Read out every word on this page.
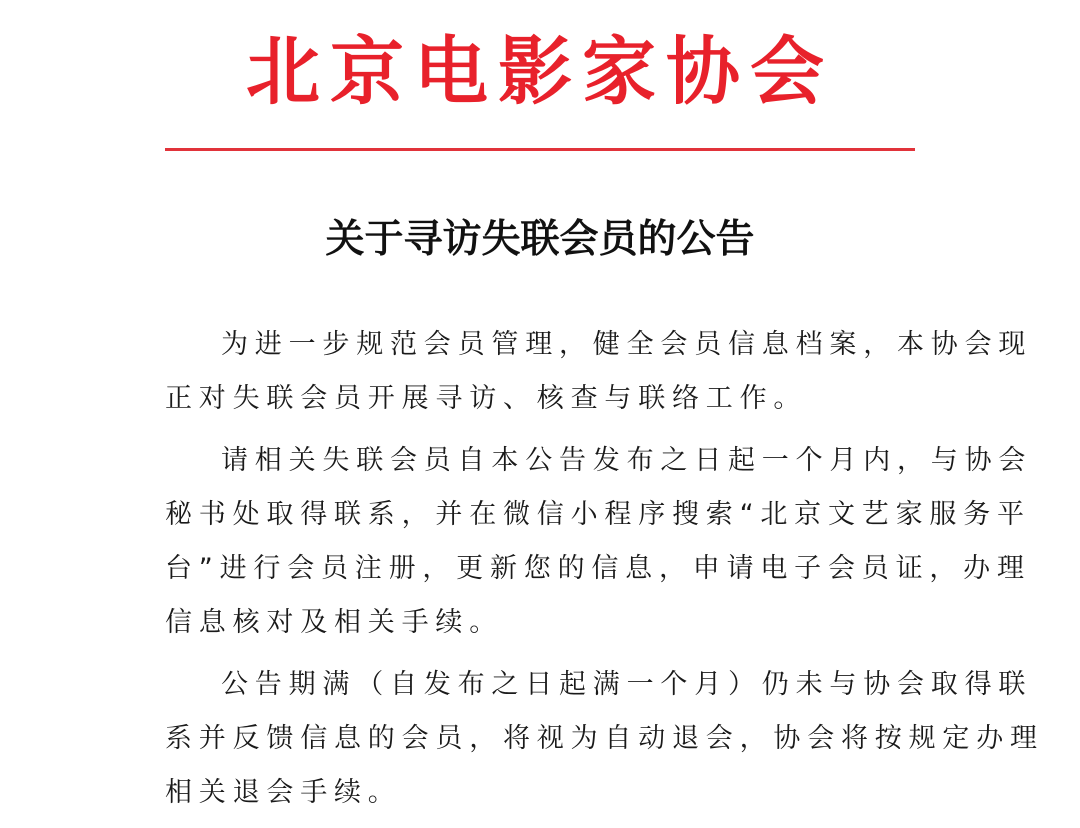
北京电影家协会
关于寻访失联会员的公告
为进一步规范会员管理，健全会员信息档案，本协会现
正对失联会员开展寻访、核查与联络工作。
请相关失联会员自本公告发布之日起一个月内，与协会
秘书处取得联系，并在微信小程序搜索“北京文艺家服务平
台”进行会员注册，更新您的信息，申请电子会员证，办理
信息核对及相关手续。
公告期满（自发布之日起满一个月）仍未与协会取得联
系并反馈信息的会员，将视为自动退会，协会将按规定办理
相关退会手续。
